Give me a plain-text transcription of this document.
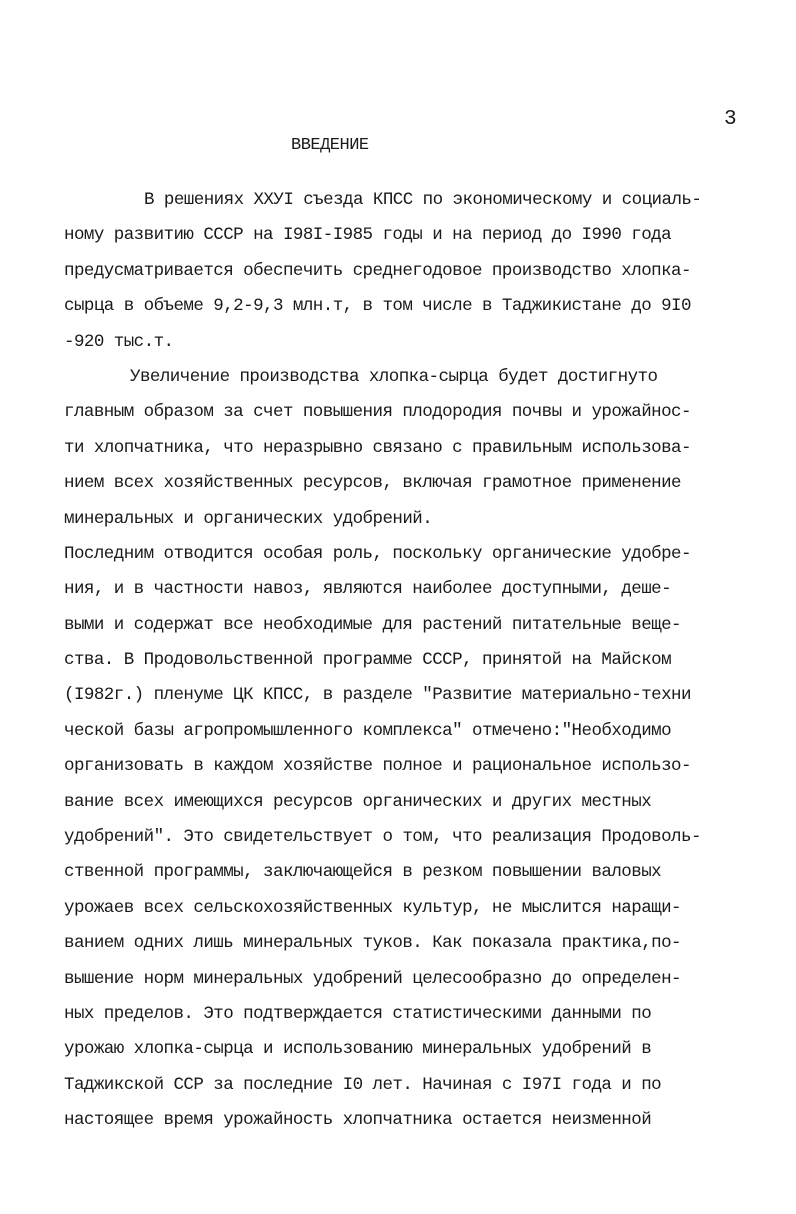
3
ВВЕДЕНИЕ
В решениях ХХУI съезда КПСС по экономическому и социаль-
ному развитию СССР на I98I-I985 годы и на период до I990 года
предусматривается обеспечить среднегодовое производство хлопка-
сырца в объеме 9,2-9,3 млн.т, в том числе в Таджикистане до 9I0
-920 тыс.т.
Увеличение производства хлопка-сырца будет достигнуто
главным образом за счет повышения плодородия почвы и урожайнос-
ти хлопчатника, что неразрывно связано с правильным использова-
нием всех хозяйственных ресурсов, включая грамотное применение
минеральных и органических удобрений.
Последним отводится особая роль, поскольку органические удобре-
ния, и в частности навоз, являются наиболее доступными, деше-
выми и содержат все необходимые для растений питательные веще-
ства. В Продовольственной программе СССР, принятой на Майском
(I982г.) пленуме ЦК КПСС, в разделе "Развитие материально-техни
ческой базы агропромышленного комплекса" отмечено:"Необходимо
организовать в каждом хозяйстве полное и рациональное использо-
вание всех имеющихся ресурсов органических и других местных
удобрений". Это свидетельствует о том, что реализация Продоволь-
ственной программы, заключающейся в резком повышении валовых
урожаев всех сельскохозяйственных культур, не мыслится наращи-
ванием одних лишь минеральных туков. Как показала практика,по-
вышение норм минеральных удобрений целесообразно до определен-
ных пределов. Это подтверждается статистическими данными по
урожаю хлопка-сырца и использованию минеральных удобрений в
Таджикской ССР за последние I0 лет. Начиная с I97I года и по
настоящее время урожайность хлопчатника остается неизменной
